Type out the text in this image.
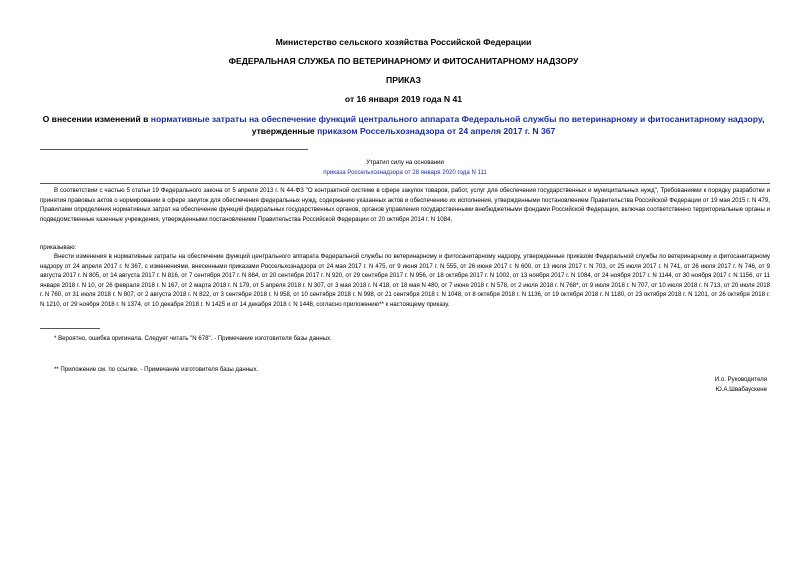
Министерство сельского хозяйства Российской Федерации
ФЕДЕРАЛЬНАЯ СЛУЖБА ПО ВЕТЕРИНАРНОМУ И ФИТОСАНИТАРНОМУ НАДЗОРУ
ПРИКАЗ
от 16 января 2019 года N 41
О внесении изменений в нормативные затраты на обеспечение функций центрального аппарата Федеральной службы по ветеринарному и фитосанитарному надзору, утвержденные приказом Россельхознадзора от 24 апреля 2017 г. N 367
Утратил силу на основании
приказа Россельхознадзора от 28 января 2020 года N 111
В соответствии с частью 5 статьи 19 Федерального закона от 5 апреля 2013 г. N 44-ФЗ "О контрактной системе в сфере закупок товаров, работ, услуг для обеспечения государственных и муниципальных нужд", Требованиями к порядку разработки и принятия правовых актов о нормировании в сфере закупок для обеспечения федеральных нужд, содержанию указанных актов и обеспечению их исполнения, утвержденными постановлением Правительства Российской Федерации от 19 мая 2015 г. N 479, Правилами определения нормативных затрат на обеспечение функций федеральных государственных органов, органов управления государственными внебюджетными фондами Российской Федерации, включая соответственно территориальные органы и подведомственные казенные учреждения, утвержденными постановлением Правительства Российской Федерации от 20 октября 2014 г. N 1084,
приказываю:
Внести изменения в нормативные затраты на обеспечение функций центрального аппарата Федеральной службы по ветеринарному и фитосанитарному надзору, утвержденные приказом Федеральной службы по ветеринарному и фитосанитарному надзору от 24 апреля 2017 г. N 367, с изменениями, внесенными приказами Россельхознадзора от 24 мая 2017 г. N 475, от 9 июня 2017 г. N 555, от 26 июня 2017 г. N 600, от 13 июля 2017 г. N 703, от 25 июля 2017 г. N 741, от 26 июля 2017 г. N 746, от 9 августа 2017 г. N 805, от 14 августа 2017 г. N 816, от 7 сентября 2017 г. N 884, от 20 сентября 2017 г. N 920, от 29 сентября 2017 г. N 956, от 18 октября 2017 г. N 1002, от 13 ноября 2017 г. N 1084, от 24 ноября 2017 г. N 1144, от 30 ноября 2017 г. N 1156, от 11 января 2018 г. N 10, от 26 февраля 2018 г. N 167, от 2 марта 2018 г. N 179, от 5 апреля 2018 г. N 307, от 3 мая 2018 г. N 418, от 18 мая N 480, от 7 июня 2018 г. N 578, от 2 июля 2018 г. N 768*, от 9 июля 2018 г. N 707, от 10 июля 2018 г. N 713, от 20 июля 2018 г. N 760, от 31 июля 2018 г. N 807, от 2 августа 2018 г. N 822, от 3 сентября 2018 г. N 958, от 10 сентября 2018 г. N 998, от 21 сентября 2018 г. N 1048, от 8 октября 2018 г. N 1136, от 19 октября 2018 г. N 1180, от 23 октября 2018 г. N 1201, от 26 октября 2018 г. N 1210, от 29 ноября 2018 г. N 1374, от 10 декабря 2018 г. N 1425 и от 14 декабря 2018 г. N 1448, согласно приложению** к настоящему приказу.
* Вероятно, ошибка оригинала. Следует читать "N 678". - Примечание изготовителя базы данных.
** Приложение см. по ссылке. - Примечание изготовителя базы данных.
И.о. Руководителя
Ю.А.Швабаускене
